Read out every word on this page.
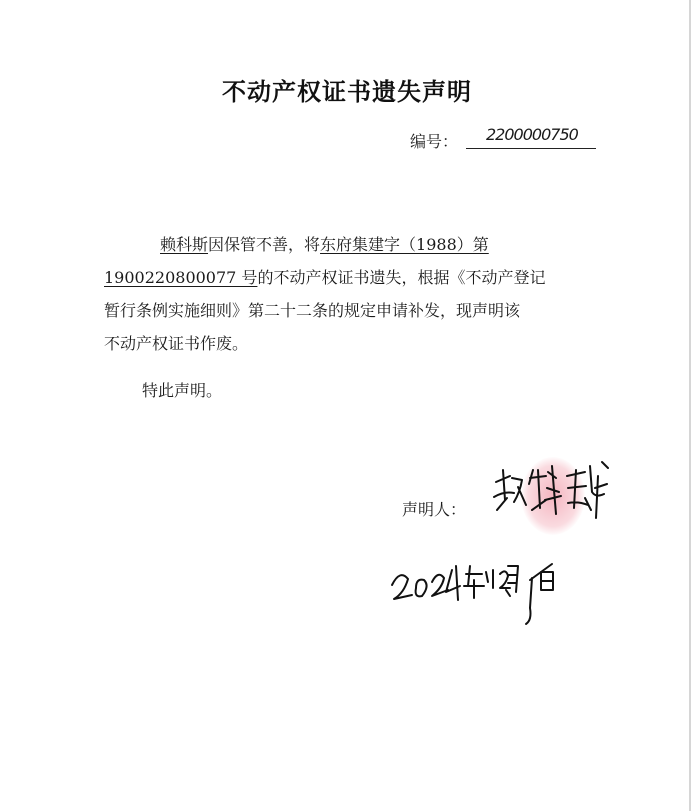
不动产权证书遗失声明
编号：	2200000750
赖科斯因保管不善，将东府集建字（1988）第
1900220800077 号的不动产权证书遗失，根据《不动产登记
暂行条例实施细则》第二十二条的规定申请补发，现声明该
不动产权证书作废。
特此声明。
声明人：
